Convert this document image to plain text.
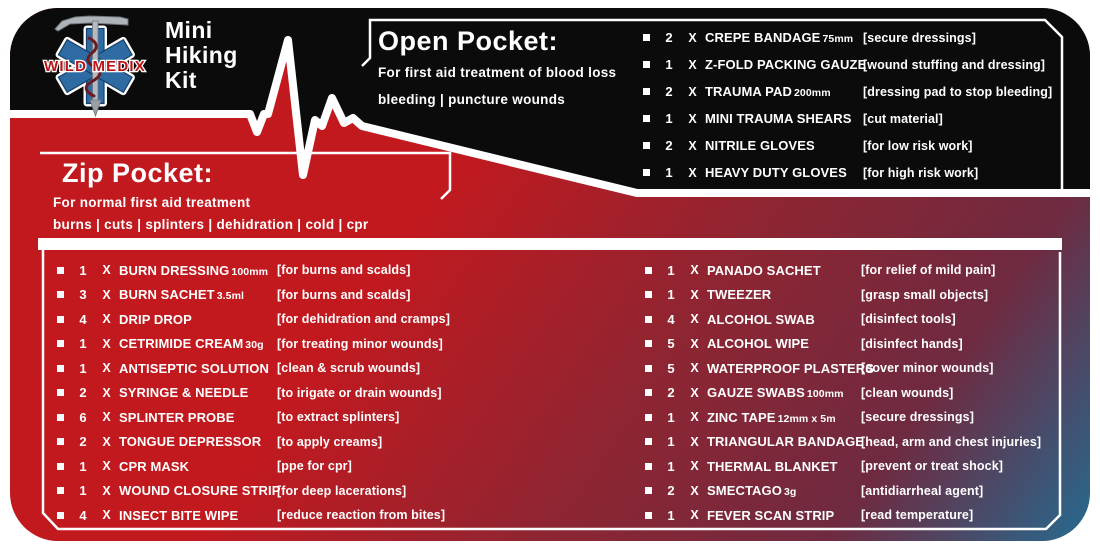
WILD MEDIX
Mini Hiking Kit
Open Pocket:
For first aid treatment of blood loss
bleeding | puncture wounds
2	X CREPE BANDAGE 75mm [secure dressings]
1	X Z-FOLD PACKING GAUZE
[wound stuffing and dressing]
2	X TRAUMA PAD 200mm	[dressing pad to stop bleeding]
1	X MINI TRAUMA SHEARS [cut material]
2	X NITRILE GLOVES	[for low risk work]
1	X HEAVY DUTY GLOVES	[for high risk work]
Zip Pocket:
For normal first aid treatment
burns | cuts | splinters | dehidration | cold | cpr
1	X BURN DRESSING 100mm [for burns and scalds]
3	X BURN SACHET 3.5ml	[for burns and scalds]
4	X DRIP DROP	[for dehidration and cramps]
1	X CETRIMIDE CREAM 30g	[for treating minor wounds]
1	X ANTISEPTIC SOLUTION [clean & scrub wounds]
2	X SYRINGE & NEEDLE	[to irigate or drain wounds]
6	X SPLINTER PROBE	[to extract splinters]
2	X TONGUE DEPRESSOR	[to apply creams]
1	X CPR MASK	[ppe for cpr]
1	X WOUND CLOSURE STRIP
[for deep lacerations]
4	X INSECT BITE WIPE	[reduce reaction from bites]
1	X PANADO SACHET	[for relief of mild pain]
1	X TWEEZER	[grasp small objects]
4	X ALCOHOL SWAB	[disinfect tools]
5	X ALCOHOL WIPE	[disinfect hands]
5	X WATERPROOF PLASTERS
[cover minor wounds]
2	X GAUZE SWABS 100mm	[clean wounds]
1	X ZINC TAPE 12mm x 5m	[secure dressings]
1	X TRIANGULAR BANDAGE
[head, arm and chest injuries]
1	X THERMAL BLANKET	[prevent or treat shock]
2	X SMECTAGO 3g	[antidiarrheal agent]
1	X FEVER SCAN STRIP	[read temperature]
